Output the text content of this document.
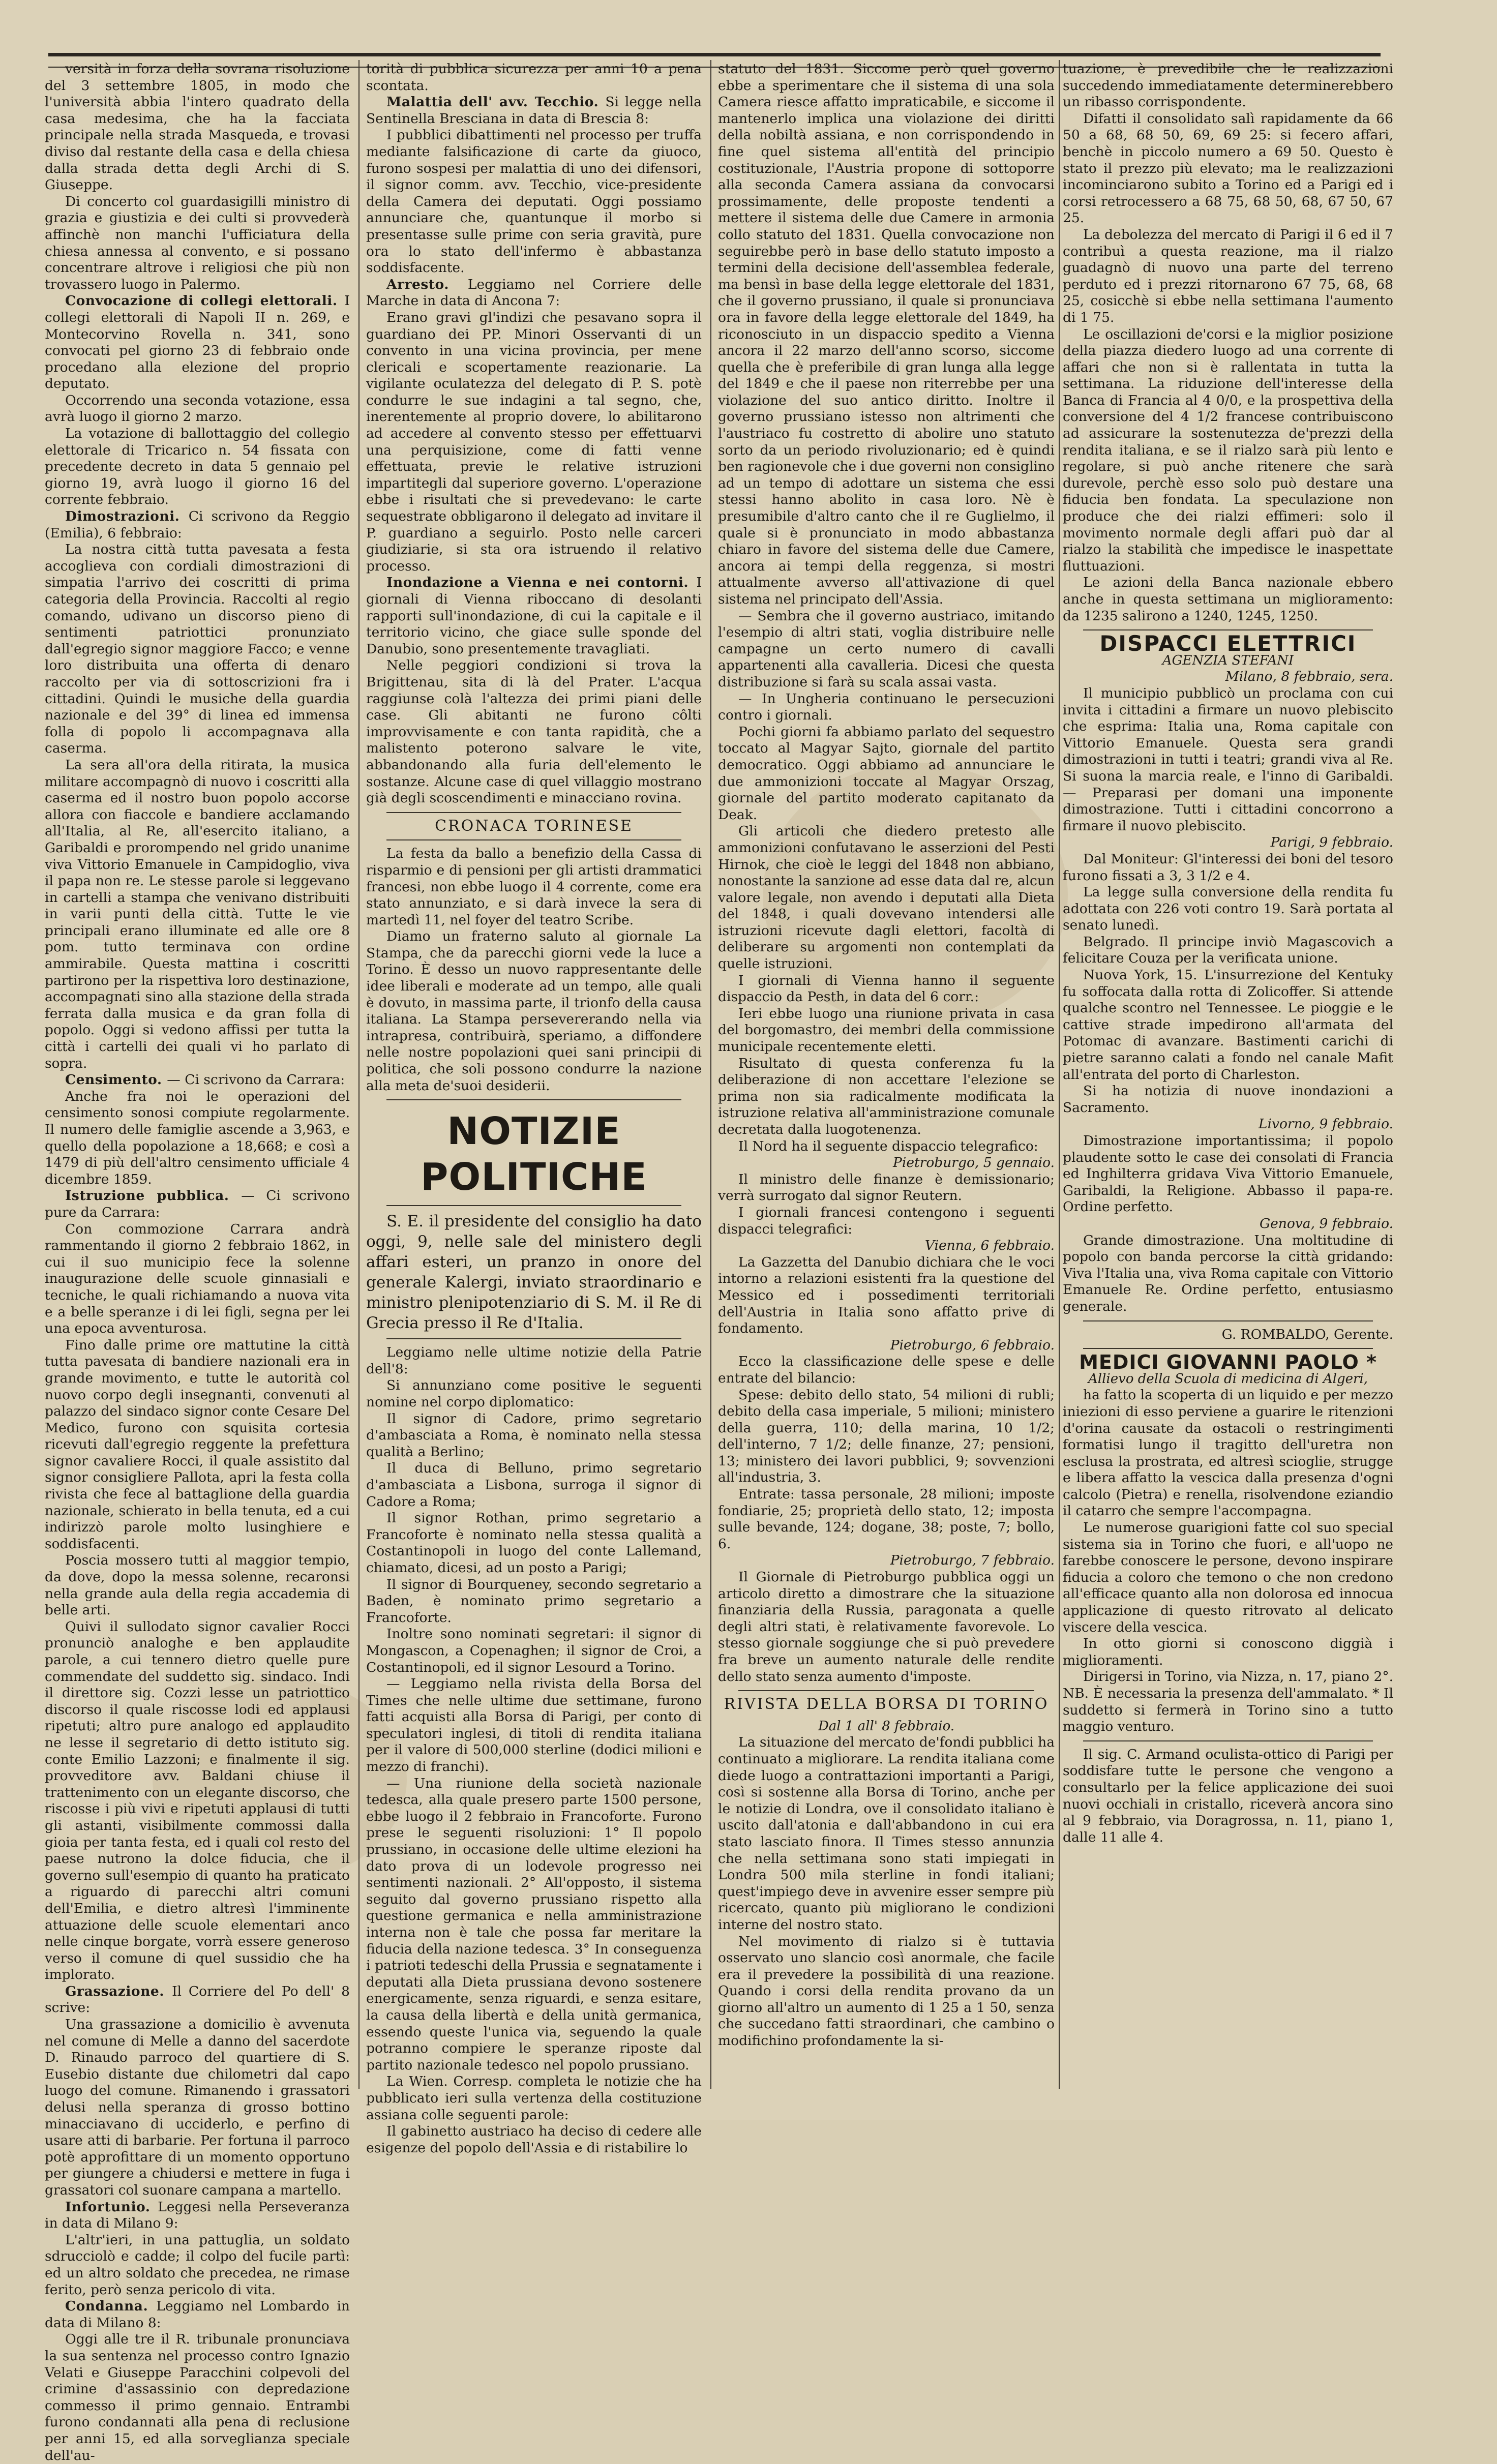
versità in forza della sovrana risoluzione del 3 settembre 1805, in modo che l'università abbia l'intero quadrato della casa medesima, che ha la facciata principale nella strada Masqueda, e trovasi diviso dal restante della casa e della chiesa dalla strada detta degli Archi di S. Giuseppe.

Di concerto col guardasigilli ministro di grazia e giustizia e dei culti si provvederà affinchè non manchi l'ufficiatura della chiesa annessa al convento, e si possano concentrare altrove i religiosi che più non trovassero luogo in Palermo.

Convocazione di collegi elettorali. I collegi elettorali di Napoli II n. 269, e Montecorvino Rovella n. 341, sono convocati pel giorno 23 di febbraio onde procedano alla elezione del proprio deputato.

Occorrendo una seconda votazione, essa avrà luogo il giorno 2 marzo.

La votazione di ballottaggio del collegio elettorale di Tricarico n. 54 fissata con precedente decreto in data 5 gennaio pel giorno 19, avrà luogo il giorno 16 del corrente febbraio.

Dimostrazioni. Ci scrivono da Reggio (Emilia), 6 febbraio:

La nostra città tutta pavesata a festa accoglieva con cordiali dimostrazioni di simpatia l'arrivo dei coscritti di prima categoria della Provincia. Raccolti al regio comando, udivano un discorso pieno di sentimenti patriottici pronunziato dall'egregio signor maggiore Facco; e venne loro distribuita una offerta di denaro raccolto per via di sottoscrizioni fra i cittadini. Quindi le musiche della guardia nazionale e del 39° di linea ed immensa folla di popolo li accompagnava alla caserma.

La sera all'ora della ritirata, la musica militare accompagnò di nuovo i coscritti alla caserma ed il nostro buon popolo accorse allora con fiaccole e bandiere acclamando all'Italia, al Re, all'esercito italiano, a Garibaldi e prorompendo nel grido unanime viva Vittorio Emanuele in Campidoglio, viva il papa non re. Le stesse parole si leggevano in cartelli a stampa che venivano distribuiti in varii punti della città. Tutte le vie principali erano illuminate ed alle ore 8 pom. tutto terminava con ordine ammirabile. Questa mattina i coscritti partirono per la rispettiva loro destinazione, accompagnati sino alla stazione della strada ferrata dalla musica e da gran folla di popolo. Oggi si vedono affissi per tutta la città i cartelli dei quali vi ho parlato di sopra.

Censimento. — Ci scrivono da Carrara:

Anche fra noi le operazioni del censimento sonosi compiute regolarmente. Il numero delle famiglie ascende a 3,963, e quello della popolazione a 18,668; e così a 1479 di più dell'altro censimento ufficiale 4 dicembre 1859.

Istruzione pubblica. — Ci scrivono pure da Carrara:

Con commozione Carrara andrà rammentando il giorno 2 febbraio 1862, in cui il suo municipio fece la solenne inaugurazione delle scuole ginnasiali e tecniche, le quali richiamando a nuova vita e a belle speranze i di lei figli, segna per lei una epoca avventurosa.

Fino dalle prime ore mattutine la città tutta pavesata di bandiere nazionali era in grande movimento, e tutte le autorità col nuovo corpo degli insegnanti, convenuti al palazzo del sindaco signor conte Cesare Del Medico, furono con squisita cortesia ricevuti dall'egregio reggente la prefettura signor cavaliere Rocci, il quale assistito dal signor consigliere Pallota, apri la festa colla rivista che fece al battaglione della guardia nazionale, schierato in bella tenuta, ed a cui indirizzò parole molto lusinghiere e soddisfacenti.

Poscia mossero tutti al maggior tempio, da dove, dopo la messa solenne, recaronsi nella grande aula della regia accademia di belle arti.

Quivi il sullodato signor cavalier Rocci pronunciò analoghe e ben applaudite parole, a cui tennero dietro quelle pure commendate del suddetto sig. sindaco. Indi il direttore sig. Cozzi lesse un patriottico discorso il quale riscosse lodi ed applausi ripetuti; altro pure analogo ed applaudito ne lesse il segretario di detto istituto sig. conte Emilio Lazzoni; e finalmente il sig. provveditore avv. Baldani chiuse il trattenimento con un elegante discorso, che riscosse i più vivi e ripetuti applausi di tutti gli astanti, visibilmente commossi dalla gioia per tanta festa, ed i quali col resto del paese nutrono la dolce fiducia, che il governo sull'esempio di quanto ha praticato a riguardo di parecchi altri comuni dell'Emilia, e dietro altresì l'imminente attuazione delle scuole elementari anco nelle cinque borgate, vorrà essere generoso verso il comune di quel sussidio che ha implorato.

Grassazione. Il Corriere del Po dell' 8 scrive:

Una grassazione a domicilio è avvenuta nel comune di Melle a danno del sacerdote D. Rinaudo parroco del quartiere di S. Eusebio distante due chilometri dal capo luogo del comune. Rimanendo i grassatori delusi nella speranza di grosso bottino minacciavano di ucciderlo, e perfino di usare atti di barbarie. Per fortuna il parroco potè approfittare di un momento opportuno per giungere a chiudersi e mettere in fuga i grassatori col suonare campana a martello.

Infortunio. Leggesi nella Perseveranza in data di Milano 9:

L'altr'ieri, in una pattuglia, un soldato sdrucciolò e cadde; il colpo del fucile partì: ed un altro soldato che precedea, ne rimase ferito, però senza pericolo di vita.

Condanna. Leggiamo nel Lombardo in data di Milano 8:

Oggi alle tre il R. tribunale pronunciava la sua sentenza nel processo contro Ignazio Velati e Giuseppe Paracchini colpevoli del crimine d'assassinio con depredazione commesso il primo gennaio. Entrambi furono condannati alla pena di reclusione per anni 15, ed alla sorveglianza speciale dell'au-

torità di pubblica sicurezza per anni 10 a pena scontata.

Malattia dell' avv. Tecchio. Si legge nella Sentinella Bresciana in data di Brescia 8:

I pubblici dibattimenti nel processo per truffa mediante falsificazione di carte da giuoco, furono sospesi per malattia di uno dei difensori, il signor comm. avv. Tecchio, vice-presidente della Camera dei deputati. Oggi possiamo annunciare che, quantunque il morbo si presentasse sulle prime con seria gravità, pure ora lo stato dell'infermo è abbastanza soddisfacente.

Arresto. Leggiamo nel Corriere delle Marche in data di Ancona 7:

Erano gravi gl'indizi che pesavano sopra il guardiano dei PP. Minori Osservanti di un convento in una vicina provincia, per mene clericali e scopertamente reazionarie. La vigilante oculatezza del delegato di P. S. potè condurre le sue indagini a tal segno, che, inerentemente al proprio dovere, lo abilitarono ad accedere al convento stesso per effettuarvi una perquisizione, come di fatti venne effettuata, previe le relative istruzioni impartitegli dal superiore governo. L'operazione ebbe i risultati che si prevedevano: le carte sequestrate obbligarono il delegato ad invitare il P. guardiano a seguirlo. Posto nelle carceri giudiziarie, si sta ora istruendo il relativo processo.

Inondazione a Vienna e nei contorni. I giornali di Vienna riboccano di desolanti rapporti sull'inondazione, di cui la capitale e il territorio vicino, che giace sulle sponde del Danubio, sono presentemente travagliati.

Nelle peggiori condizioni si trova la Brigittenau, sita di là del Prater. L'acqua raggiunse colà l'altezza dei primi piani delle case. Gli abitanti ne furono côlti improvvisamente e con tanta rapidità, che a malistento poterono salvare le vite, abbandonando alla furia dell'elemento le sostanze. Alcune case di quel villaggio mostrano già degli scoscendimenti e minacciano rovina.

CRONACA TORINESE

La festa da ballo a benefizio della Cassa di risparmio e di pensioni per gli artisti drammatici francesi, non ebbe luogo il 4 corrente, come era stato annunziato, e si darà invece la sera di martedì 11, nel foyer del teatro Scribe.

Diamo un fraterno saluto al giornale La Stampa, che da parecchi giorni vede la luce a Torino. È desso un nuovo rappresentante delle idee liberali e moderate ad un tempo, alle quali è dovuto, in massima parte, il trionfo della causa italiana. La Stampa persevererando nella via intrapresa, contribuirà, speriamo, a diffondere nelle nostre popolazioni quei sani principii di politica, che soli possono condurre la nazione alla meta de'suoi desiderii.

NOTIZIE POLITICHE

S. E. il presidente del consiglio ha dato oggi, 9, nelle sale del ministero degli affari esteri, un pranzo in onore del generale Kalergi, inviato straordinario e ministro plenipotenziario di S. M. il Re di Grecia presso il Re d'Italia.

Leggiamo nelle ultime notizie della Patrie dell'8:

Si annunziano come positive le seguenti nomine nel corpo diplomatico:

Il signor di Cadore, primo segretario d'ambasciata a Roma, è nominato nella stessa qualità a Berlino;

Il duca di Belluno, primo segretario d'ambasciata a Lisbona, surroga il signor di Cadore a Roma;

Il signor Rothan, primo segretario a Francoforte è nominato nella stessa qualità a Costantinopoli in luogo del conte Lallemand, chiamato, dicesi, ad un posto a Parigi;

Il signor di Bourqueney, secondo segretario a Baden, è nominato primo segretario a Francoforte.

Inoltre sono nominati segretari: il signor di Mongascon, a Copenaghen; il signor de Croi, a Costantinopoli, ed il signor Lesourd a Torino.

— Leggiamo nella rivista della Borsa del Times che nelle ultime due settimane, furono fatti acquisti alla Borsa di Parigi, per conto di speculatori inglesi, di titoli di rendita italiana per il valore di 500,000 sterline (dodici milioni e mezzo di franchi).

— Una riunione della società nazionale tedesca, alla quale presero parte 1500 persone, ebbe luogo il 2 febbraio in Francoforte. Furono prese le seguenti risoluzioni: 1° Il popolo prussiano, in occasione delle ultime elezioni ha dato prova di un lodevole progresso nei sentimenti nazionali. 2° All'opposto, il sistema seguito dal governo prussiano rispetto alla questione germanica e nella amministrazione interna non è tale che possa far meritare la fiducia della nazione tedesca. 3° In conseguenza i patrioti tedeschi della Prussia e segnatamente i deputati alla Dieta prussiana devono sostenere energicamente, senza riguardi, e senza esitare, la causa della libertà e della unità germanica, essendo queste l'unica via, seguendo la quale potranno compiere le speranze riposte dal partito nazionale tedesco nel popolo prussiano.

La Wien. Corresp. completa le notizie che ha pubblicato ieri sulla vertenza della costituzione assiana colle seguenti parole:

Il gabinetto austriaco ha deciso di cedere alle esigenze del popolo dell'Assia e di ristabilire lo

statuto del 1831. Siccome però quel governo ebbe a sperimentare che il sistema di una sola Camera riesce affatto impraticabile, e siccome il mantenerlo implica una violazione dei diritti della nobiltà assiana, e non corrispondendo in fine quel sistema all'entità del principio costituzionale, l'Austria propone di sottoporre alla seconda Camera assiana da convocarsi prossimamente, delle proposte tendenti a mettere il sistema delle due Camere in armonia collo statuto del 1831. Quella convocazione non seguirebbe però in base dello statuto imposto a termini della decisione dell'assemblea federale, ma bensì in base della legge elettorale del 1831, che il governo prussiano, il quale si pronunciava ora in favore della legge elettorale del 1849, ha riconosciuto in un dispaccio spedito a Vienna ancora il 22 marzo dell'anno scorso, siccome quella che è preferibile di gran lunga alla legge del 1849 e che il paese non riterrebbe per una violazione del suo antico diritto. Inoltre il governo prussiano istesso non altrimenti che l'austriaco fu costretto di abolire uno statuto sorto da un periodo rivoluzionario; ed è quindi ben ragionevole che i due governi non consiglino ad un tempo di adottare un sistema che essi stessi hanno abolito in casa loro. Nè è presumibile d'altro canto che il re Guglielmo, il quale si è pronunciato in modo abbastanza chiaro in favore del sistema delle due Camere, ancora ai tempi della reggenza, si mostri attualmente avverso all'attivazione di quel sistema nel principato dell'Assia.

— Sembra che il governo austriaco, imitando l'esempio di altri stati, voglia distribuire nelle campagne un certo numero di cavalli appartenenti alla cavalleria. Dicesi che questa distribuzione si farà su scala assai vasta.

— In Ungheria continuano le persecuzioni contro i giornali.

Pochi giorni fa abbiamo parlato del sequestro toccato al Magyar Sajto, giornale del partito democratico. Oggi abbiamo ad annunciare le due ammonizioni toccate al Magyar Orszag, giornale del partito moderato capitanato da Deak.

Gli articoli che diedero pretesto alle ammonizioni confutavano le asserzioni del Pesti Hirnok, che cioè le leggi del 1848 non abbiano, nonostante la sanzione ad esse data dal re, alcun valore legale, non avendo i deputati alla Dieta del 1848, i quali dovevano intendersi alle istruzioni ricevute dagli elettori, facoltà di deliberare su argomenti non contemplati da quelle istruzioni.

I giornali di Vienna hanno il seguente dispaccio da Pesth, in data del 6 corr.:

Ieri ebbe luogo una riunione privata in casa del borgomastro, dei membri della commissione municipale recentemente eletti.

Risultato di questa conferenza fu la deliberazione di non accettare l'elezione se prima non sia radicalmente modificata la istruzione relativa all'amministrazione comunale decretata dalla luogotenenza.

Il Nord ha il seguente dispaccio telegrafico:

Pietroburgo, 5 gennaio.

Il ministro delle finanze è demissionario; verrà surrogato dal signor Reutern.

I giornali francesi contengono i seguenti dispacci telegrafici:

Vienna, 6 febbraio.

La Gazzetta del Danubio dichiara che le voci intorno a relazioni esistenti fra la questione del Messico ed i possedimenti territoriali dell'Austria in Italia sono affatto prive di fondamento.

Pietroburgo, 6 febbraio.

Ecco la classificazione delle spese e delle entrate del bilancio:

Spese: debito dello stato, 54 milioni di rubli; debito della casa imperiale, 5 milioni; ministero della guerra, 110; della marina, 10 1/2; dell'interno, 7 1/2; delle finanze, 27; pensioni, 13; ministero dei lavori pubblici, 9; sovvenzioni all'industria, 3.

Entrate: tassa personale, 28 milioni; imposte fondiarie, 25; proprietà dello stato, 12; imposta sulle bevande, 124; dogane, 38; poste, 7; bollo, 6.

Pietroburgo, 7 febbraio.

Il Giornale di Pietroburgo pubblica oggi un articolo diretto a dimostrare che la situazione finanziaria della Russia, paragonata a quelle degli altri stati, è relativamente favorevole. Lo stesso giornale soggiunge che si può prevedere fra breve un aumento naturale delle rendite dello stato senza aumento d'imposte.

RIVISTA DELLA BORSA DI TORINO
Dal 1 all' 8 febbraio.

La situazione del mercato de'fondi pubblici ha continuato a migliorare. La rendita italiana come diede luogo a contrattazioni importanti a Parigi, così si sostenne alla Borsa di Torino, anche per le notizie di Londra, ove il consolidato italiano è uscito dall'atonia e dall'abbandono in cui era stato lasciato finora. Il Times stesso annunzia che nella settimana sono stati impiegati in Londra 500 mila sterline in fondi italiani; quest'impiego deve in avvenire esser sempre più ricercato, quanto più migliorano le condizioni interne del nostro stato.

Nel movimento di rialzo si è tuttavia osservato uno slancio così anormale, che facile era il prevedere la possibilità di una reazione. Quando i corsi della rendita provano da un giorno all'altro un aumento di 1 25 a 1 50, senza che succedano fatti straordinari, che cambino o modifichino profondamente la si-

tuazione, è prevedibile che le realizzazioni succedendo immediatamente determinerebbero un ribasso corrispondente.

Difatti il consolidato salì rapidamente da 66 50 a 68, 68 50, 69, 69 25: si fecero affari, benchè in piccolo numero a 69 50. Questo è stato il prezzo più elevato; ma le realizzazioni incominciarono subito a Torino ed a Parigi ed i corsi retrocessero a 68 75, 68 50, 68, 67 50, 67 25.

La debolezza del mercato di Parigi il 6 ed il 7 contribuì a questa reazione, ma il rialzo guadagnò di nuovo una parte del terreno perduto ed i prezzi ritornarono 67 75, 68, 68 25, cosicchè si ebbe nella settimana l'aumento di 1 75.

Le oscillazioni de'corsi e la miglior posizione della piazza diedero luogo ad una corrente di affari che non si è rallentata in tutta la settimana. La riduzione dell'interesse della Banca di Francia al 4 0/0, e la prospettiva della conversione del 4 1/2 francese contribuiscono ad assicurare la sostenutezza de'prezzi della rendita italiana, e se il rialzo sarà più lento e regolare, si può anche ritenere che sarà durevole, perchè esso solo può destare una fiducia ben fondata. La speculazione non produce che dei rialzi effimeri: solo il movimento normale degli affari può dar al rialzo la stabilità che impedisce le inaspettate fluttuazioni.

Le azioni della Banca nazionale ebbero anche in questa settimana un miglioramento: da 1235 salirono a 1240, 1245, 1250.

DISPACCI ELETTRICI
AGENZIA STEFANI
Milano, 8 febbraio, sera.

Il municipio pubblicò un proclama con cui invita i cittadini a firmare un nuovo plebiscito che esprima: Italia una, Roma capitale con Vittorio Emanuele. Questa sera grandi dimostrazioni in tutti i teatri; grandi viva al Re. Si suona la marcia reale, e l'inno di Garibaldi. — Preparasi per domani una imponente dimostrazione. Tutti i cittadini concorrono a firmare il nuovo plebiscito.

Parigi, 9 febbraio.

Dal Moniteur: Gl'interessi dei boni del tesoro furono fissati a 3, 3 1/2 e 4.

La legge sulla conversione della rendita fu adottata con 226 voti contro 19. Sarà portata al senato lunedì.

Belgrado. Il principe inviò Magascovich a felicitare Couza per la verificata unione.

Nuova York, 15. L'insurrezione del Kentuky fu soffocata dalla rotta di Zolicoffer. Si attende qualche scontro nel Tennessee. Le pioggie e le cattive strade impedirono all'armata del Potomac di avanzare. Bastimenti carichi di pietre saranno calati a fondo nel canale Mafit all'entrata del porto di Charleston.

Si ha notizia di nuove inondazioni a Sacramento.

Livorno, 9 febbraio.

Dimostrazione importantissima; il popolo plaudente sotto le case dei consolati di Francia ed Inghilterra gridava Viva Vittorio Emanuele, Garibaldi, la Religione. Abbasso il papa-re. Ordine perfetto.

Genova, 9 febbraio.

Grande dimostrazione. Una moltitudine di popolo con banda percorse la città gridando: Viva l'Italia una, viva Roma capitale con Vittorio Emanuele Re. Ordine perfetto, entusiasmo generale.

G. ROMBALDO, Gerente.
MEDICI GIOVANNI PAOLO *
Allievo della Scuola di medicina di Algeri,

ha fatto la scoperta di un liquido e per mezzo iniezioni di esso perviene a guarire le ritenzioni d'orina causate da ostacoli o restringimenti formatisi lungo il tragitto dell'uretra non esclusa la prostrata, ed altresì scioglie, strugge e libera affatto la vescica dalla presenza d'ogni calcolo (Pietra) e renella, risolvendone eziandio il catarro che sempre l'accompagna.

Le numerose guarigioni fatte col suo special sistema sia in Torino che fuori, e all'uopo ne farebbe conoscere le persone, devono inspirare fiducia a coloro che temono o che non credono all'efficace quanto alla non dolorosa ed innocua applicazione di questo ritrovato al delicato viscere della vescica.

In otto giorni si conoscono diggià i miglioramenti.

Dirigersi in Torino, via Nizza, n. 17, piano 2°. NB. È necessaria la presenza dell'ammalato. * Il suddetto si fermerà in Torino sino a tutto maggio venturo.

Il sig. C. Armand oculista-ottico di Parigi per soddisfare tutte le persone che vengono a consultarlo per la felice applicazione dei suoi nuovi occhiali in cristallo, riceverà ancora sino al 9 febbraio, via Doragrossa, n. 11, piano 1, dalle 11 alle 4.
